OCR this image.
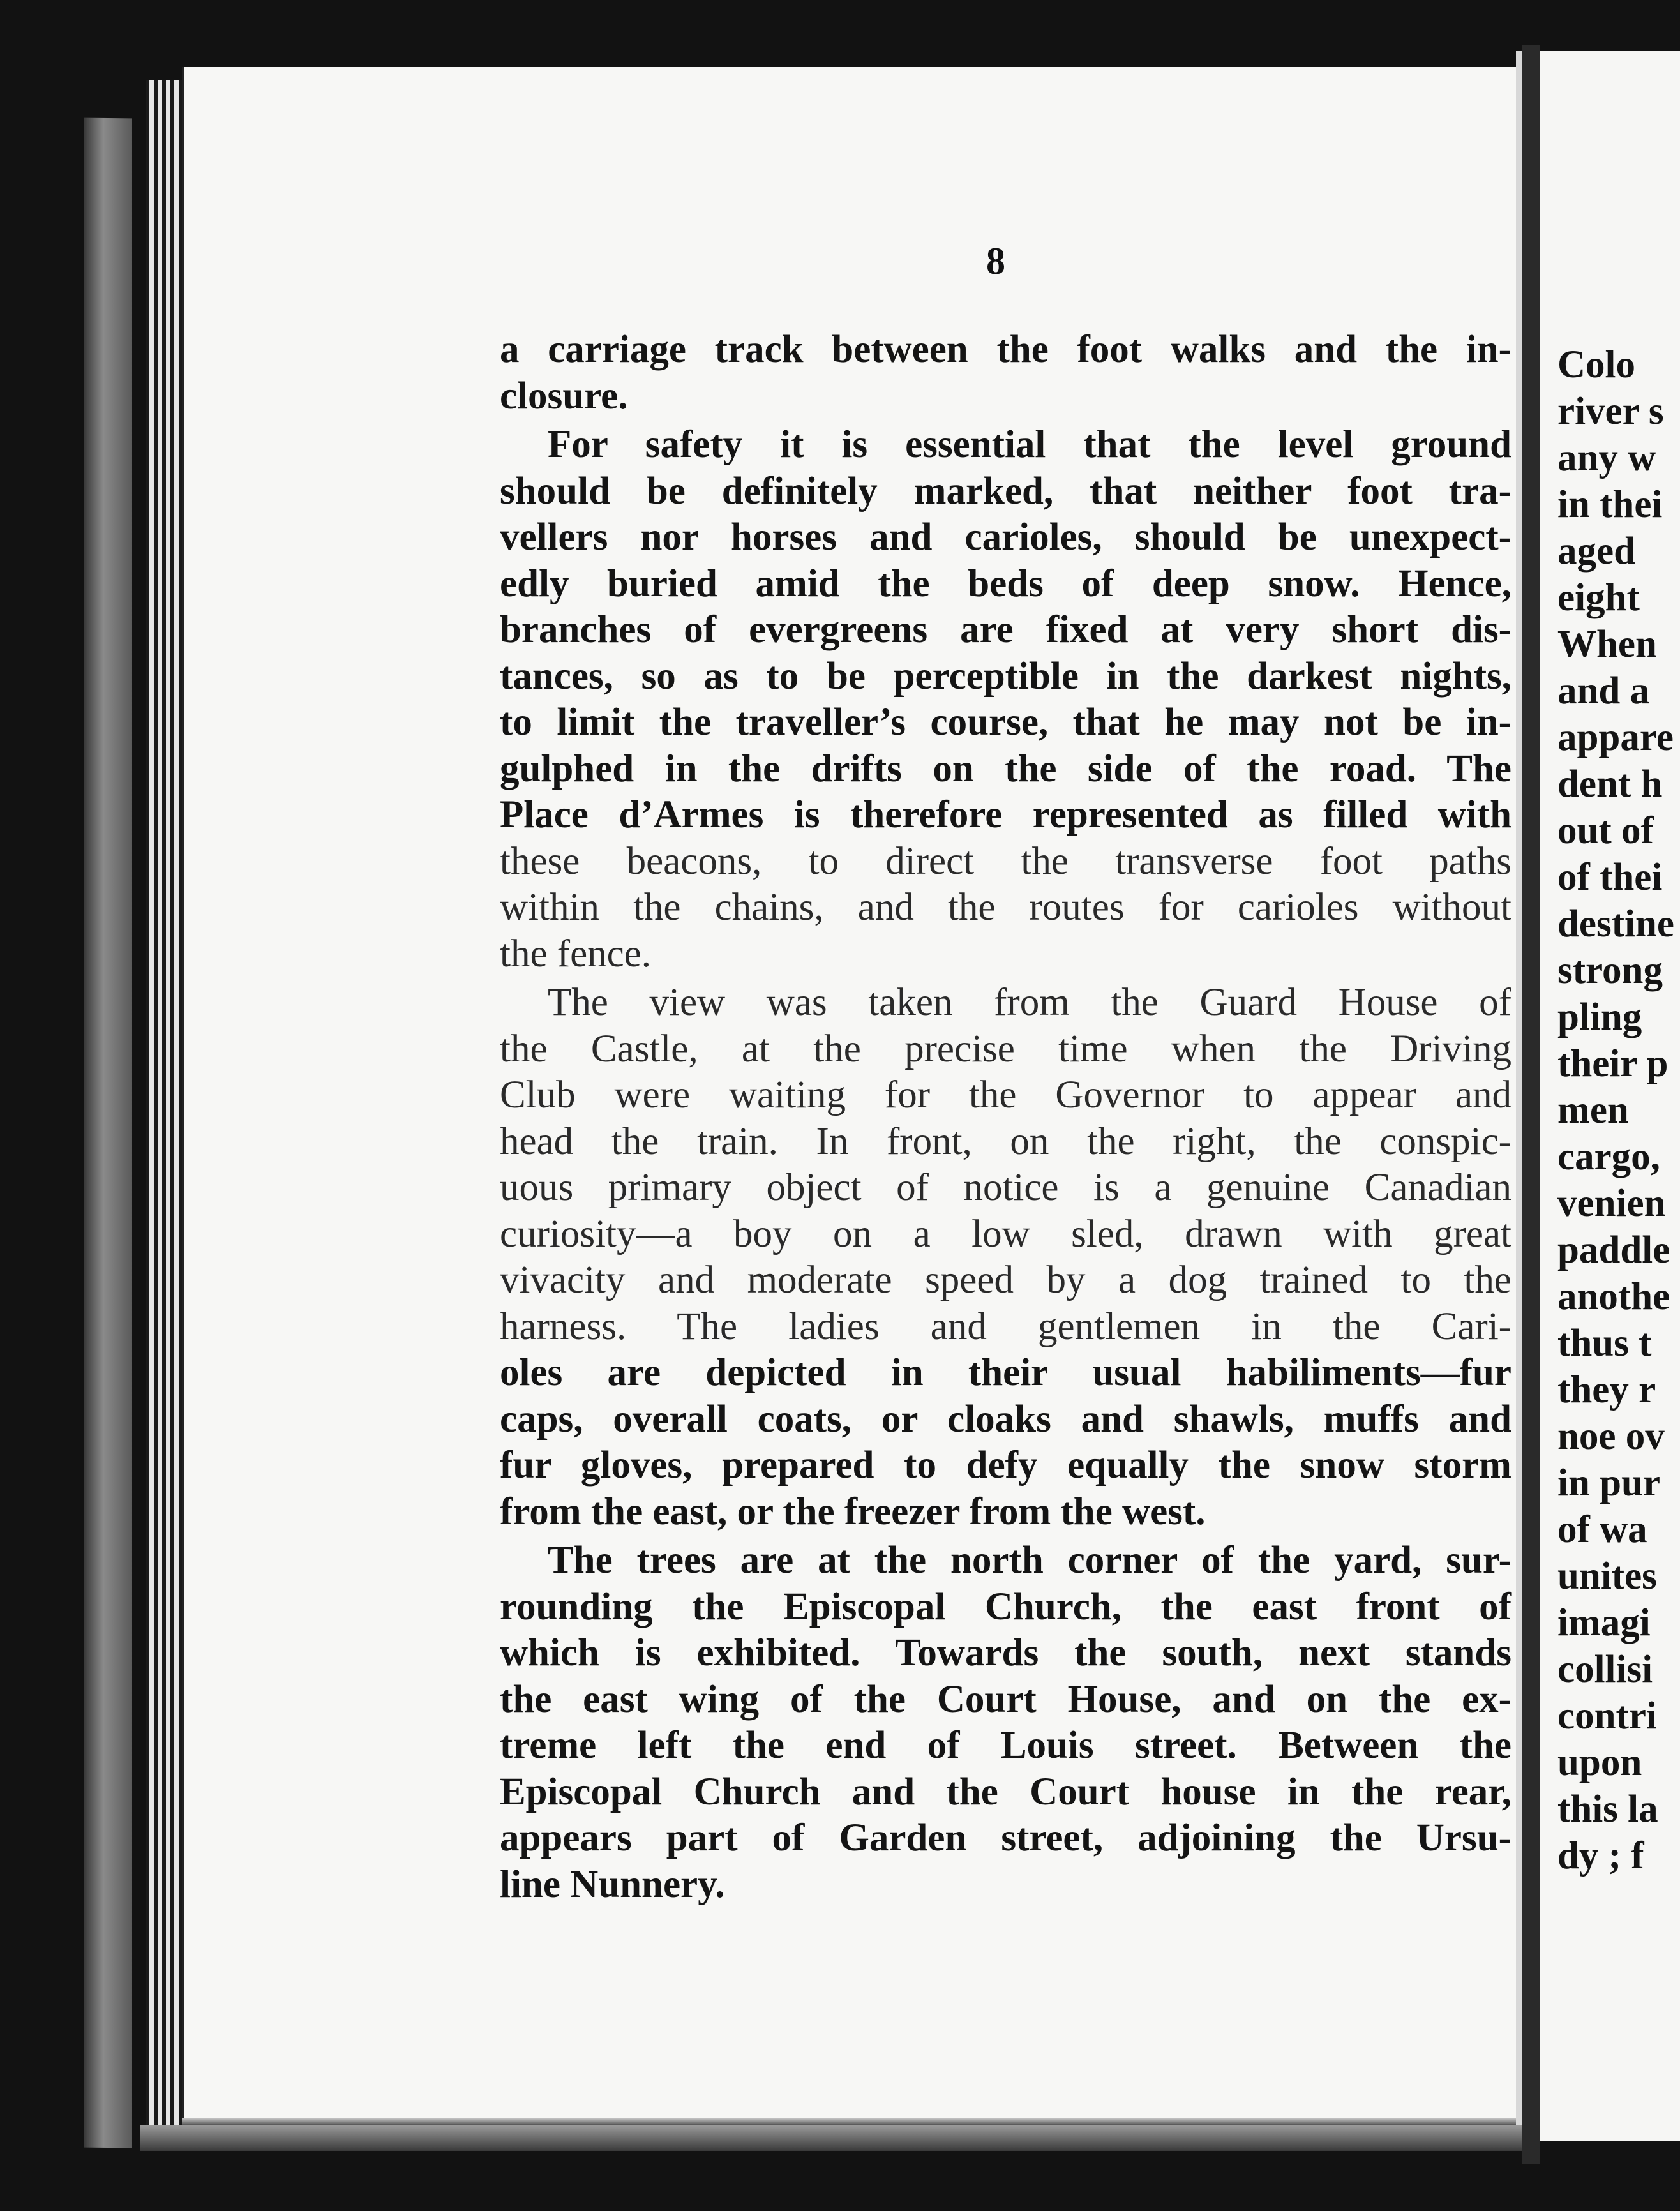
8
a carriage track between the foot walks and the in-
closure.
For safety it is essential that the level ground
should be definitely marked, that neither foot tra-
vellers nor horses and carioles, should be unexpect-
edly buried amid the beds of deep snow. Hence,
branches of evergreens are fixed at very short dis-
tances, so as to be perceptible in the darkest nights,
to limit the traveller’s course, that he may not be in-
gulphed in the drifts on the side of the road. The
Place d’Armes is therefore represented as filled with
these beacons, to direct the transverse foot paths
within the chains, and the routes for carioles without
the fence.
The view was taken from the Guard House of
the Castle, at the precise time when the Driving
Club were waiting for the Governor to appear and
head the train. In front, on the right, the conspic-
uous primary object of notice is a genuine Canadian
curiosity—a boy on a low sled, drawn with great
vivacity and moderate speed by a dog trained to the
harness. The ladies and gentlemen in the Cari-
oles are depicted in their usual habiliments—fur
caps, overall coats, or cloaks and shawls, muffs and
fur gloves, prepared to defy equally the snow storm
from the east, or the freezer from the west.
The trees are at the north corner of the yard, sur-
rounding the Episcopal Church, the east front of
which is exhibited. Towards the south, next stands
the east wing of the Court House, and on the ex-
treme left the end of Louis street. Between the
Episcopal Church and the Court house in the rear,
appears part of Garden street, adjoining the Ursu-
line Nunnery.
Colo
river s
any w
in thei
aged
eight
When
and a
appare
dent h
out of
of thei
destine
strong
pling
their p
men
cargo,
venien
paddle
anothe
thus t
they r
noe ov
in pur
of wa
unites
imagi
collisi
contri
upon
this la
dy ; f
